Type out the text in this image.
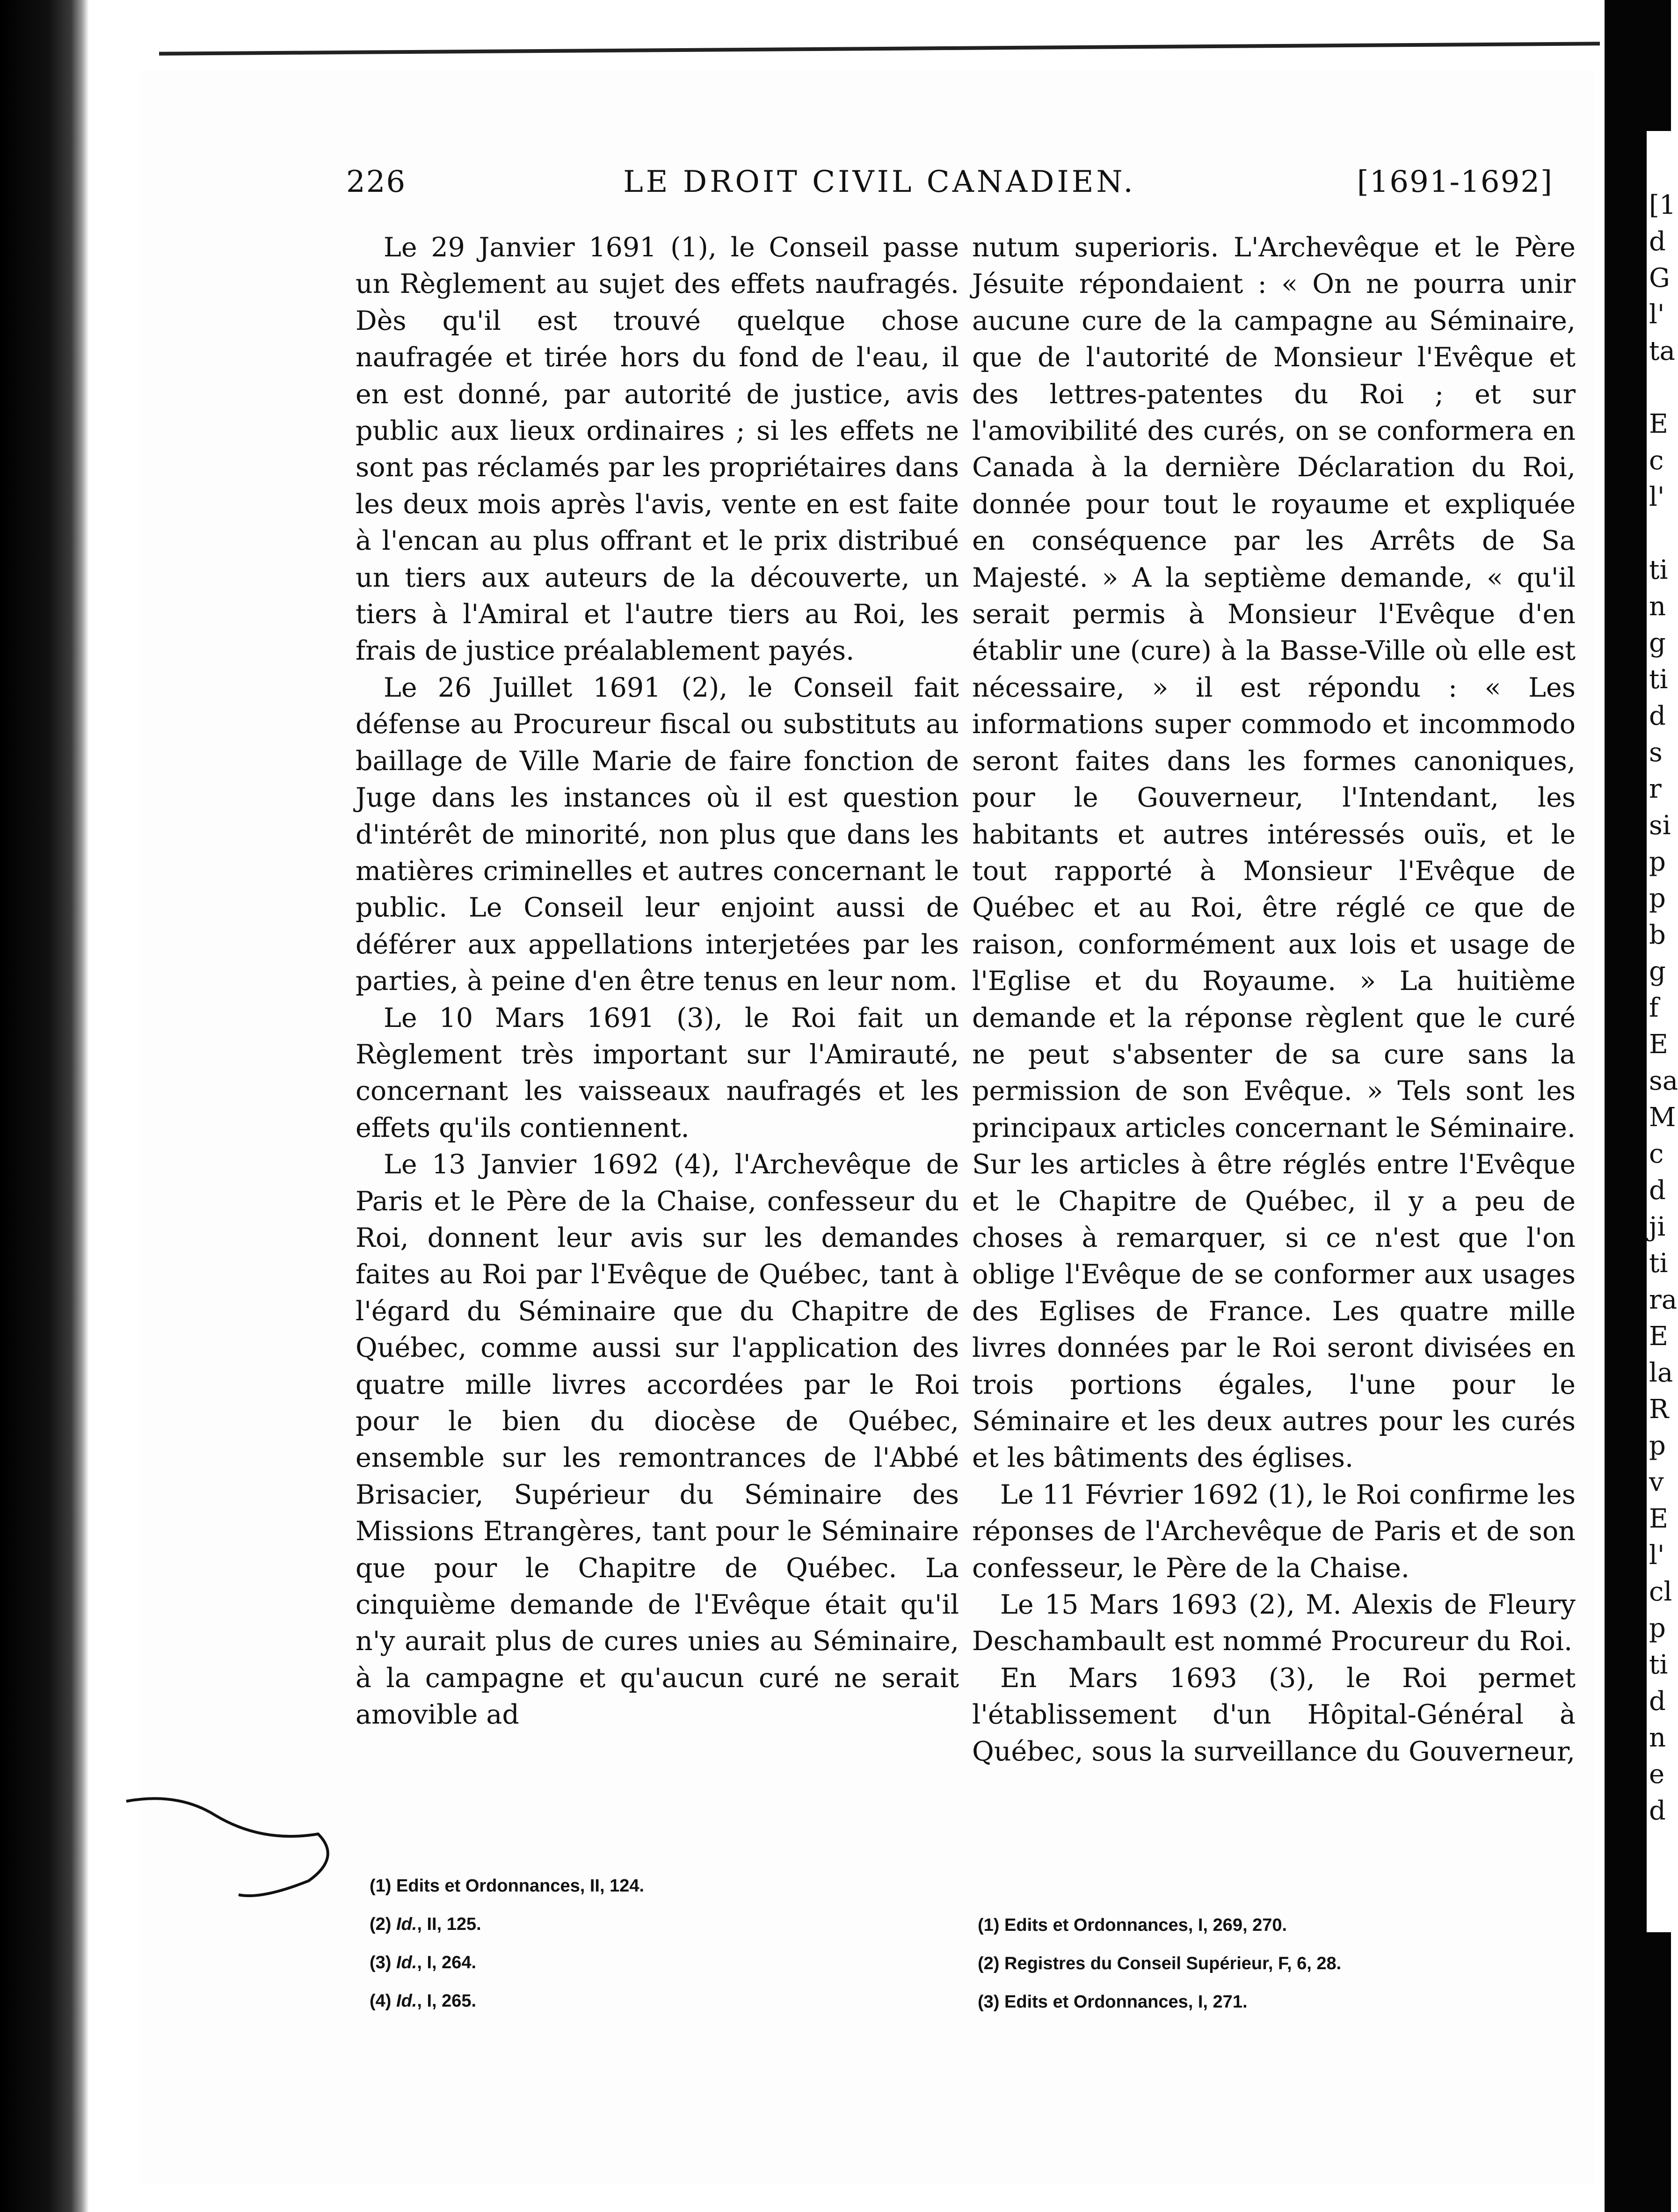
226	LE DROIT CIVIL CANADIEN.	[1691-1692]

Le 29 Janvier 1691 (1), le Conseil passe un Règlement au sujet des effets naufragés. Dès qu'il est trouvé quelque chose naufragée et tirée hors du fond de l'eau, il en est donné, par autorité de justice, avis public aux lieux ordinaires ; si les effets ne sont pas réclamés par les propriétaires dans les deux mois après l'avis, vente en est faite à l'encan au plus offrant et le prix distribué un tiers aux auteurs de la découverte, un tiers à l'Amiral et l'autre tiers au Roi, les frais de justice préalablement payés.

Le 26 Juillet 1691 (2), le Conseil fait défense au Procureur fiscal ou substituts au baillage de Ville Marie de faire fonction de Juge dans les instances où il est question d'intérêt de minorité, non plus que dans les matières criminelles et autres concernant le public. Le Conseil leur enjoint aussi de déférer aux appellations interjetées par les parties, à peine d'en être tenus en leur nom.

Le 10 Mars 1691 (3), le Roi fait un Règlement très important sur l'Amirauté, concernant les vaisseaux naufragés et les effets qu'ils contiennent.

Le 13 Janvier 1692 (4), l'Archevêque de Paris et le Père de la Chaise, confesseur du Roi, donnent leur avis sur les demandes faites au Roi par l'Evêque de Québec, tant à l'égard du Séminaire que du Chapitre de Québec, comme aussi sur l'application des quatre mille livres accordées par le Roi pour le bien du diocèse de Québec, ensemble sur les remontrances de l'Abbé Brisacier, Supérieur du Séminaire des Missions Etrangères, tant pour le Séminaire que pour le Chapitre de Québec. La cinquième demande de l'Evêque était qu'il n'y aurait plus de cures unies au Séminaire, à la campagne et qu'aucun curé ne serait amovible ad

nutum superioris. L'Archevêque et le Père Jésuite répondaient : « On ne pourra unir aucune cure de la campagne au Séminaire, que de l'autorité de Monsieur l'Evêque et des lettres-patentes du Roi ; et sur l'amovibilité des curés, on se conformera en Canada à la dernière Déclaration du Roi, donnée pour tout le royaume et expliquée en conséquence par les Arrêts de Sa Majesté. » A la septième demande, « qu'il serait permis à Monsieur l'Evêque d'en établir une (cure) à la Basse-Ville où elle est nécessaire, » il est répondu : « Les informations super commodo et incommodo seront faites dans les formes canoniques, pour le Gouverneur, l'Intendant, les habitants et autres intéressés ouïs, et le tout rapporté à Monsieur l'Evêque de Québec et au Roi, être réglé ce que de raison, conformément aux lois et usage de l'Eglise et du Royaume. » La huitième demande et la réponse règlent que le curé ne peut s'absenter de sa cure sans la permission de son Evêque. » Tels sont les principaux articles concernant le Séminaire. Sur les articles à être réglés entre l'Evêque et le Chapitre de Québec, il y a peu de choses à remarquer, si ce n'est que l'on oblige l'Evêque de se conformer aux usages des Eglises de France. Les quatre mille livres données par le Roi seront divisées en trois portions égales, l'une pour le Séminaire et les deux autres pour les curés et les bâtiments des églises.

Le 11 Février 1692 (1), le Roi confirme les réponses de l'Archevêque de Paris et de son confesseur, le Père de la Chaise.

Le 15 Mars 1693 (2), M. Alexis de Fleury Deschambault est nommé Procureur du Roi.

En Mars 1693 (3), le Roi permet l'établissement d'un Hôpital-Général à Québec, sous la surveillance du Gouverneur,

(1) Edits et Ordonnances, II, 124.

(2) Id., II, 125.

(3) Id., I, 264.

(4) Id., I, 265.

(1) Edits et Ordonnances, I, 269, 270.

(2) Registres du Conseil Supérieur, F, 6, 28.

(3) Edits et Ordonnances, I, 271.

[1
d
G
l'
ta
E
c
l'
ti
n
g
ti
d
s
r
si
p
p
b
g
f
E
sa
M
c
d
ji
ti
ra
E
la
R
p
v
E
l'
cl
p
ti
d
n
e
d
